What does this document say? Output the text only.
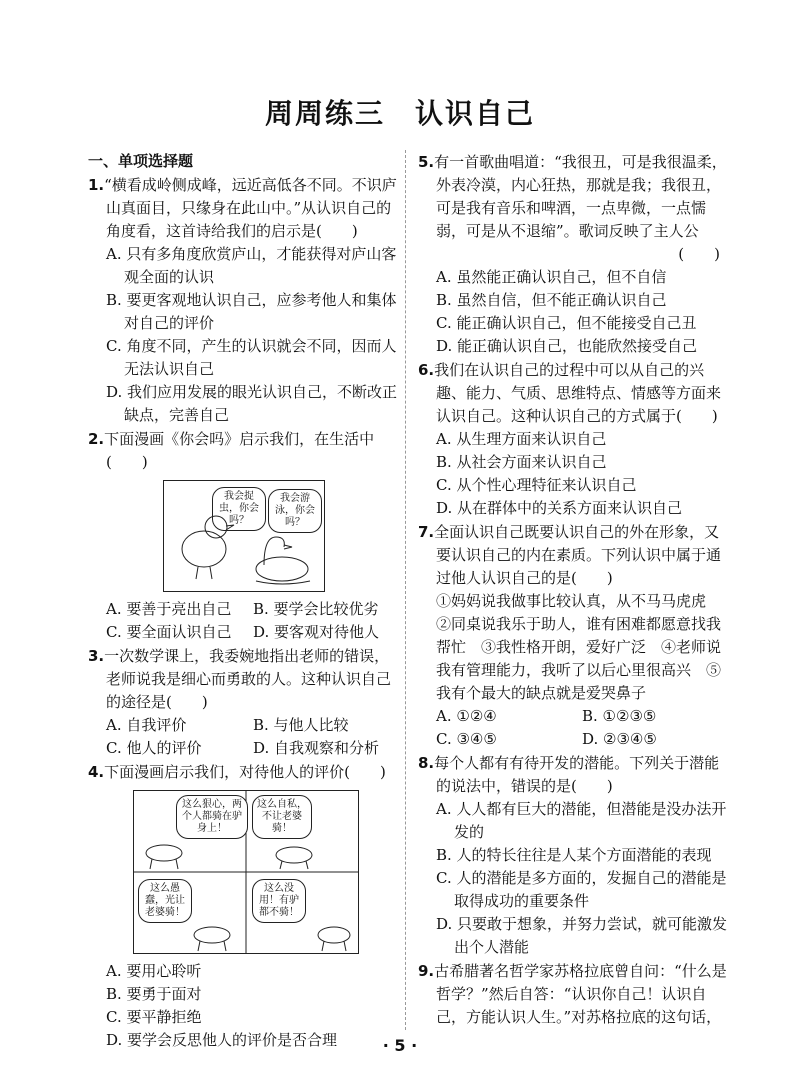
周周练三　认识自己
一、单项选择题
1.“横看成岭侧成峰，远近高低各不同。不识庐山真面目，只缘身在此山中。”从认识自己的角度看，这首诗给我们的启示是(　　)
A. 只有多角度欣赏庐山，才能获得对庐山客观全面的认识
B. 要更客观地认识自己，应参考他人和集体对自己的评价
C. 角度不同，产生的认识就会不同，因而人无法认识自己
D. 我们应用发展的眼光认识自己，不断改正缺点，完善自己
2.下面漫画《你会吗》启示我们，在生活中(　　)
我会捉虫，你会吗？
我会游泳，你会吗？
A. 要善于亮出自己	B. 要学会比较优劣
C. 要全面认识自己	D. 要客观对待他人
3.一次数学课上，我委婉地指出老师的错误，老师说我是细心而勇敢的人。这种认识自己的途径是(　　)
A. 自我评价	B. 与他人比较
C. 他人的评价	D. 自我观察和分析
4.下面漫画启示我们，对待他人的评价(　　)
这么狠心，两个人都骑在驴身上！
这么自私，不让老婆骑！
这么愚蠢，光让老婆骑！
这么没用！有驴都不骑！
A. 要用心聆听
B. 要勇于面对
C. 要平静拒绝
D. 要学会反思他人的评价是否合理
5.有一首歌曲唱道：“我很丑，可是我很温柔，外表冷漠，内心狂热，那就是我；我很丑，可是我有音乐和啤酒，一点卑微，一点懦弱，可是从不退缩”。歌词反映了主人公
(　　)
A. 虽然能正确认识自己，但不自信
B. 虽然自信，但不能正确认识自己
C. 能正确认识自己，但不能接受自己丑
D. 能正确认识自己，也能欣然接受自己
6.我们在认识自己的过程中可以从自己的兴趣、能力、气质、思维特点、情感等方面来认识自己。这种认识自己的方式属于(　　)
A. 从生理方面来认识自己
B. 从社会方面来认识自己
C. 从个性心理特征来认识自己
D. 从在群体中的关系方面来认识自己
7.全面认识自己既要认识自己的外在形象，又要认识自己的内在素质。下列认识中属于通过他人认识自己的是(　　)
①妈妈说我做事比较认真，从不马马虎虎　②同桌说我乐于助人，谁有困难都愿意找我帮忙　③我性格开朗，爱好广泛　④老师说我有管理能力，我听了以后心里很高兴　⑤我有个最大的缺点就是爱哭鼻子
A. ①②④	B. ①②③⑤
C. ③④⑤	D. ②③④⑤
8.每个人都有有待开发的潜能。下列关于潜能的说法中，错误的是(　　)
A. 人人都有巨大的潜能，但潜能是没办法开发的
B. 人的特长往往是人某个方面潜能的表现
C. 人的潜能是多方面的，发掘自己的潜能是取得成功的重要条件
D. 只要敢于想象，并努力尝试，就可能激发出个人潜能
9.古希腊著名哲学家苏格拉底曾自问：“什么是哲学？”然后自答：“认识你自己！认识自己，方能认识人生。”对苏格拉底的这句话，
· 5 ·
